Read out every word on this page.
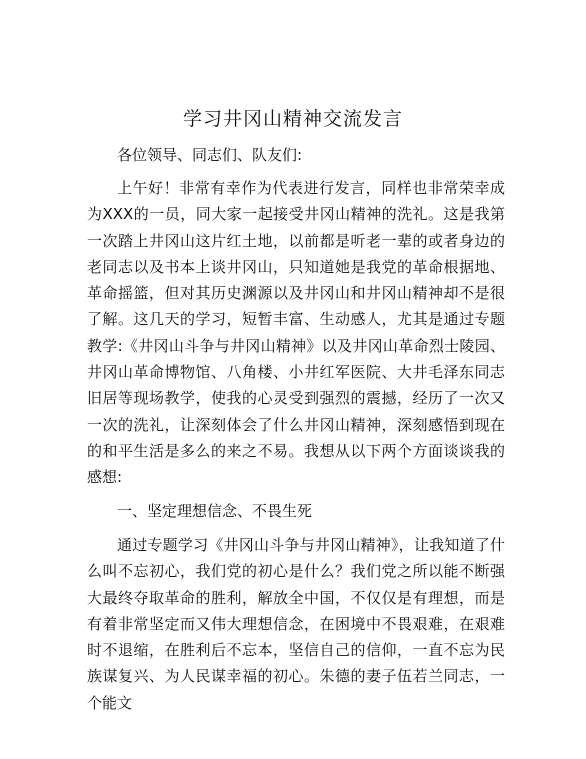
学习井冈山精神交流发言
各位领导、同志们、队友们:
上午好！非常有幸作为代表进行发言，同样也非常荣幸成为XXX的一员，同大家一起接受井冈山精神的洗礼。这是我第一次踏上井冈山这片红土地，以前都是听老一辈的或者身边的老同志以及书本上谈井冈山，只知道她是我党的革命根据地、革命摇篮，但对其历史渊源以及井冈山和井冈山精神却不是很了解。这几天的学习，短暂丰富、生动感人，尤其是通过专题教学:《井冈山斗争与井冈山精神》以及井冈山革命烈士陵园、井冈山革命博物馆、八角楼、小井红军医院、大井毛泽东同志旧居等现场教学，使我的心灵受到强烈的震撼，经历了一次又一次的洗礼，让深刻体会了什么井冈山精神，深刻感悟到现在的和平生活是多么的来之不易。我想从以下两个方面谈谈我的感想:
一、坚定理想信念、不畏生死
通过专题学习《井冈山斗争与井冈山精神》，让我知道了什么叫不忘初心，我们党的初心是什么？我们党之所以能不断强大最终夺取革命的胜利，解放全中国，不仅仅是有理想，而是有着非常坚定而又伟大理想信念，在困境中不畏艰难，在艰难时不退缩，在胜利后不忘本，坚信自己的信仰，一直不忘为民族谋复兴、为人民谋幸福的初心。朱德的妻子伍若兰同志，一个能文
